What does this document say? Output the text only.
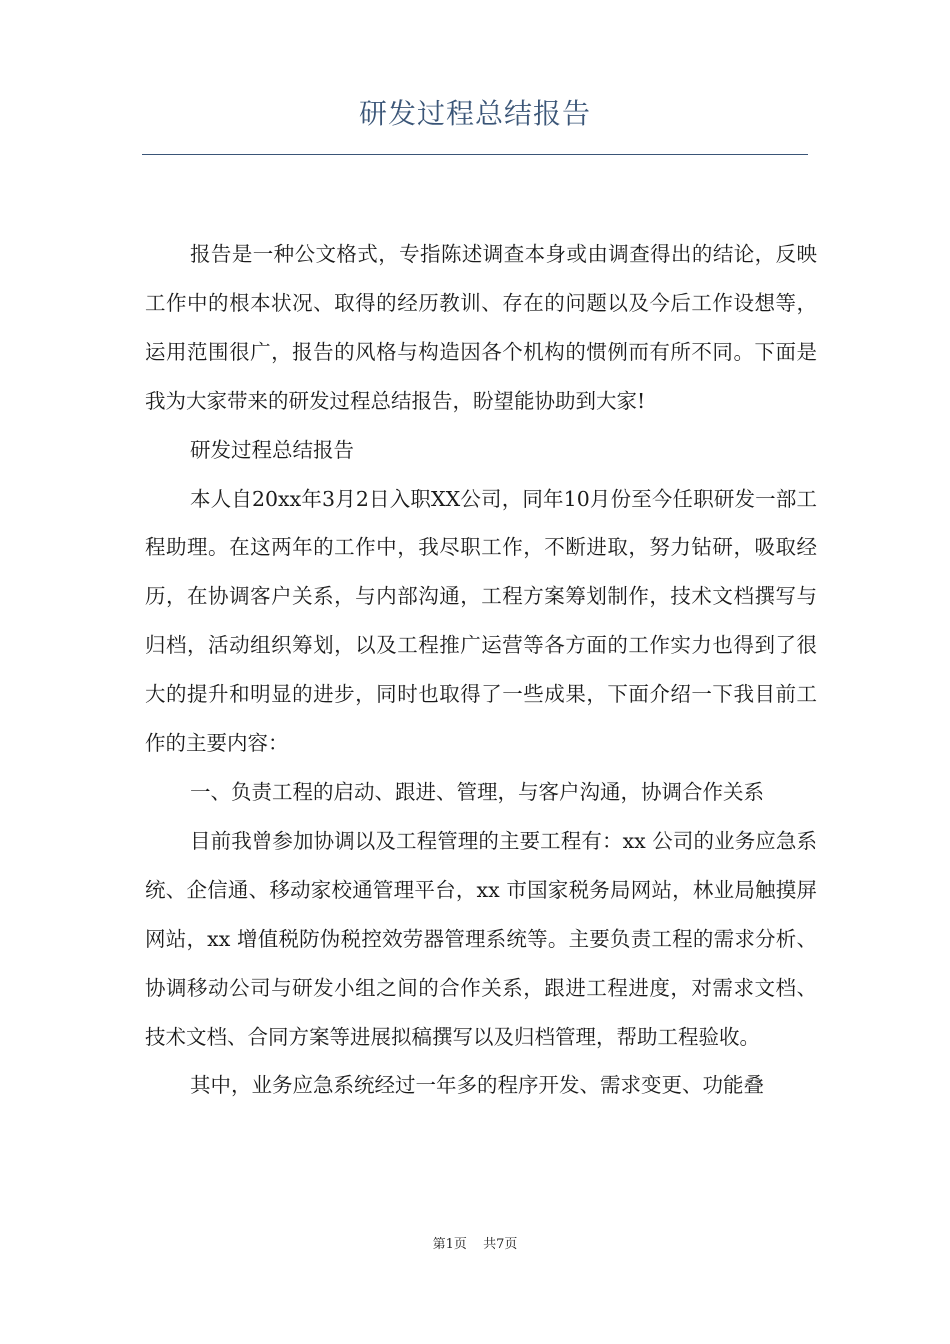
研发过程总结报告

报告是一种公文格式，专指陈述调查本身或由调查得出的结论，反映工作中的根本状况、取得的经历教训、存在的问题以及今后工作设想等，运用范围很广，报告的风格与构造因各个机构的惯例而有所不同。下面是我为大家带来的研发过程总结报告，盼望能协助到大家!

研发过程总结报告

本人自20xx年3月2日入职XX公司，同年10月份至今任职研发一部工程助理。在这两年的工作中，我尽职工作，不断进取，努力钻研，吸取经历，在协调客户关系，与内部沟通，工程方案筹划制作，技术文档撰写与归档，活动组织筹划，以及工程推广运营等各方面的工作实力也得到了很大的提升和明显的进步，同时也取得了一些成果，下面介绍一下我目前工作的主要内容：

一、负责工程的启动、跟进、管理，与客户沟通，协调合作关系

目前我曾参加协调以及工程管理的主要工程有：xx 公司的业务应急系统、企信通、移动家校通管理平台，xx 市国家税务局网站，林业局触摸屏网站，xx 增值税防伪税控效劳器管理系统等。主要负责工程的需求分析、协调移动公司与研发小组之间的合作关系，跟进工程进度，对需求文档、技术文档、合同方案等进展拟稿撰写以及归档管理，帮助工程验收。

其中，业务应急系统经过一年多的程序开发、需求变更、功能叠

第1页 共7页
